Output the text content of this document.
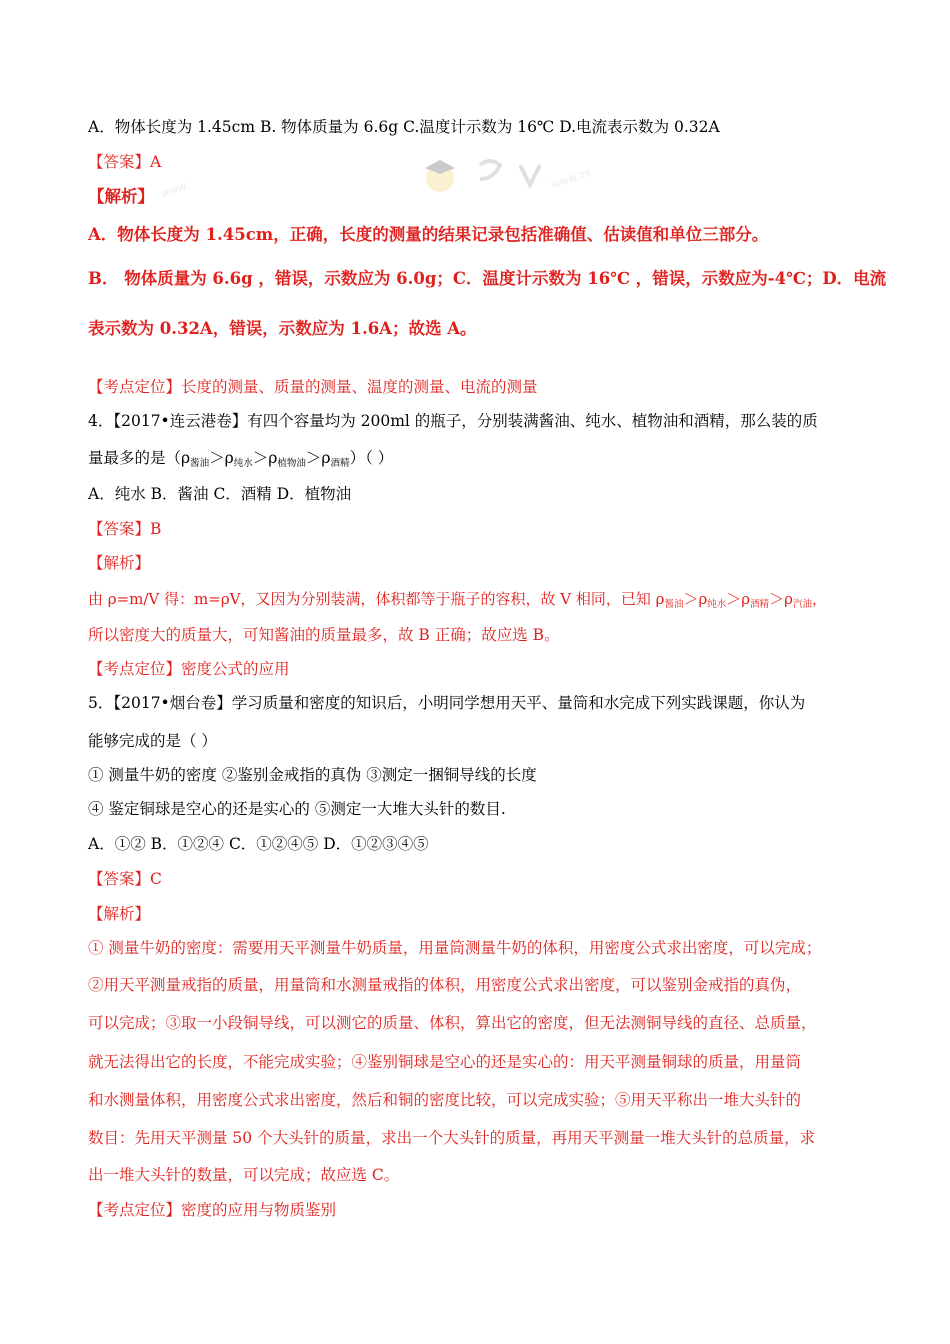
www.	www.zx
A．物体长度为 1.45cm B. 物体质量为 6.6g C.温度计示数为 16℃ D.电流表示数为 0.32A
【答案】A
【解析】
A．物体长度为 1.45cm，正确，长度的测量的结果记录包括准确值、估读值和单位三部分。
B． 物体质量为 6.6g ，错误，示数应为 6.0g；C．温度计示数为 16℃ ，错误，示数应为-4℃；D．电流
表示数为 0.32A，错误，示数应为 1.6A；故选 A。
【考点定位】长度的测量、质量的测量、温度的测量、电流的测量
4．【2017•连云港卷】有四个容量均为 200ml 的瓶子，分别装满酱油、纯水、植物油和酒精，那么装的质
量最多的是$(\rho_{酱油}>\rho_{纯水}>\rho_{植物油}>\rho_{酒精})$（ ）
A．纯水 B．酱油 C．酒精 D．植物油
【答案】B
【解析】
由 ρ=m/V 得：m=ρV，又因为分别装满，体积都等于瓶子的容积，故 V 相同，已知 $\rho_{酱油}>\rho_{纯水}>\rho_{酒精}>\rho_{汽油}$，
所以密度大的质量大，可知酱油的质量最多，故 B 正确；故应选 B。
【考点定位】密度公式的应用
5．【2017•烟台卷】学习质量和密度的知识后，小明同学想用天平、量筒和水完成下列实践课题，你认为
能够完成的是（ ）
① 测量牛奶的密度 ②鉴别金戒指的真伪 ③测定一捆铜导线的长度
④ 鉴定铜球是空心的还是实心的 ⑤测定一大堆大头针的数目.
A．①② B．①②④ C．①②④⑤ D．①②③④⑤
【答案】C
【解析】
① 测量牛奶的密度：需要用天平测量牛奶质量，用量筒测量牛奶的体积，用密度公式求出密度，可以完成；
②用天平测量戒指的质量，用量筒和水测量戒指的体积，用密度公式求出密度，可以鉴别金戒指的真伪，
可以完成；③取一小段铜导线，可以测它的质量、体积，算出它的密度，但无法测铜导线的直径、总质量，
就无法得出它的长度，不能完成实验；④鉴别铜球是空心的还是实心的：用天平测量铜球的质量，用量筒
和水测量体积，用密度公式求出密度，然后和铜的密度比较，可以完成实验；⑤用天平称出一堆大头针的
数目：先用天平测量 50 个大头针的质量，求出一个大头针的质量，再用天平测量一堆大头针的总质量，求
出一堆大头针的数量，可以完成；故应选 C。
【考点定位】密度的应用与物质鉴别
